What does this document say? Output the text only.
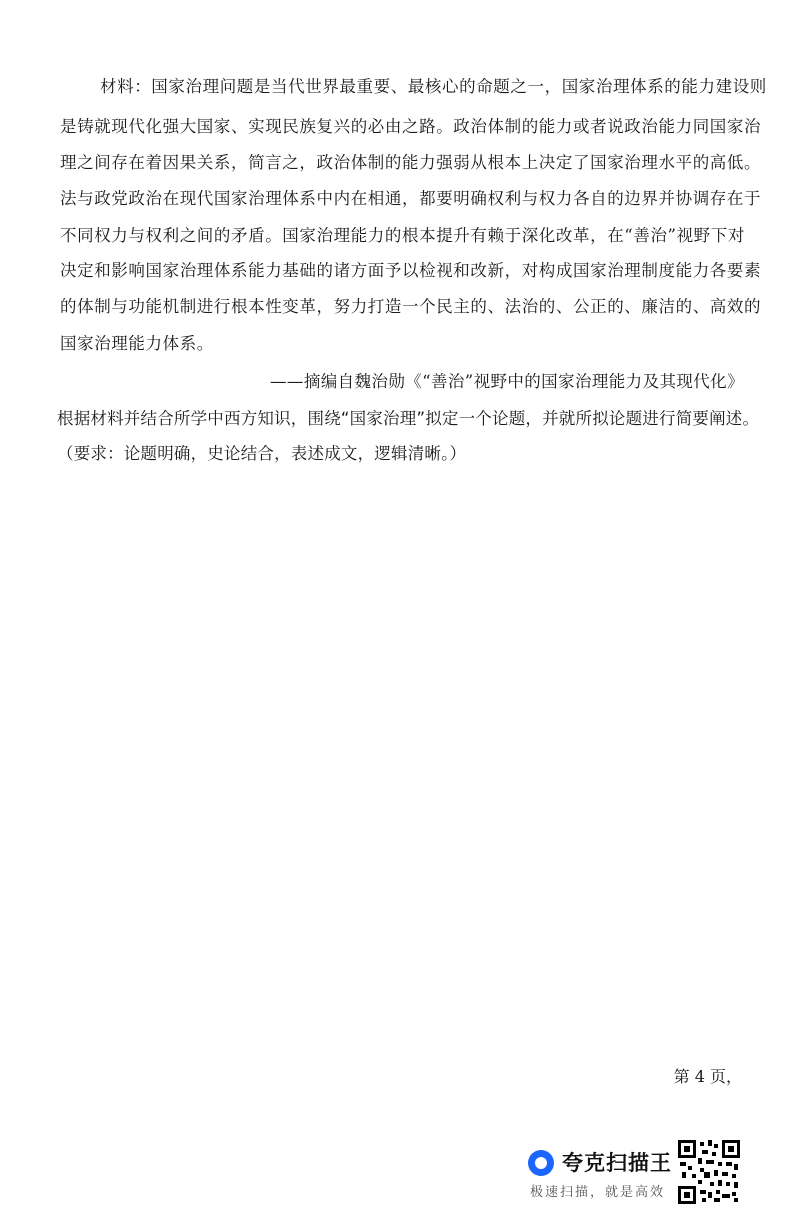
材料：国家治理问题是当代世界最重要、最核心的命题之一，国家治理体系的能力建设则
是铸就现代化强大国家、实现民族复兴的必由之路。政治体制的能力或者说政治能力同国家治
理之间存在着因果关系，简言之，政治体制的能力强弱从根本上决定了国家治理水平的高低。
法与政党政治在现代国家治理体系中内在相通，都要明确权利与权力各自的边界并协调存在于
不同权力与权利之间的矛盾。国家治理能力的根本提升有赖于深化改革，在“善治”视野下对
决定和影响国家治理体系能力基础的诸方面予以检视和改新，对构成国家治理制度能力各要素
的体制与功能机制进行根本性变革，努力打造一个民主的、法治的、公正的、廉洁的、高效的
国家治理能力体系。
——摘编自魏治勋《“善治”视野中的国家治理能力及其现代化》
根据材料并结合所学中西方知识，围绕“国家治理”拟定一个论题，并就所拟论题进行简要阐述。
（要求：论题明确，史论结合，表述成文，逻辑清晰。）
第 4 页，
夸克扫描王
极速扫描，就是高效
